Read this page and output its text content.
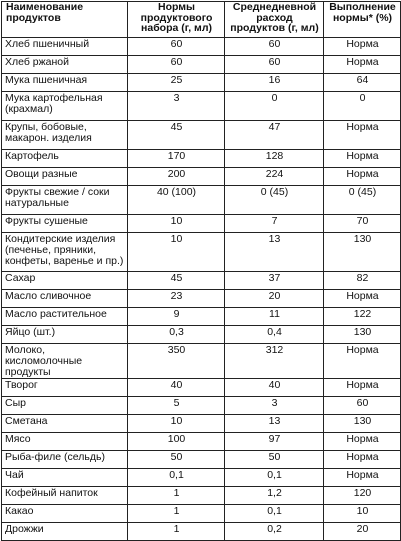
Наименование продуктов	Нормы продуктового набора (г, мл)	Среднедневной расход продуктов (г, мл)	Выполнение нормы* (%)
Хлеб пшеничный	60	60	Норма
Хлеб ржаной	60	60	Норма
Мука пшеничная	25	16	64
Мука картофельная (крахмал)	3	0	0
Крупы, бобовые, макарон. изделия	45	47	Норма
Картофель	170	128	Норма
Овощи разные	200	224	Норма
Фрукты свежие / соки натуральные	40 (100)	0 (45)	0 (45)
Фрукты сушеные	10	7	70
Кондитерские изделия (печенье, пряники, конфеты, варенье и пр.)	10	13	130
Сахар	45	37	82
Масло сливочное	23	20	Норма
Масло растительное	9	11	122
Яйцо (шт.)	0,3	0,4	130
Молоко, кисломолочные продукты	350	312	Норма
Творог	40	40	Норма
Сыр	5	3	60
Сметана	10	13	130
Мясо	100	97	Норма
Рыба-филе (сельдь)	50	50	Норма
Чай	0,1	0,1	Норма
Кофейный напиток	1	1,2	120
Какао	1	0,1	10
Дрожжи	1	0,2	20
